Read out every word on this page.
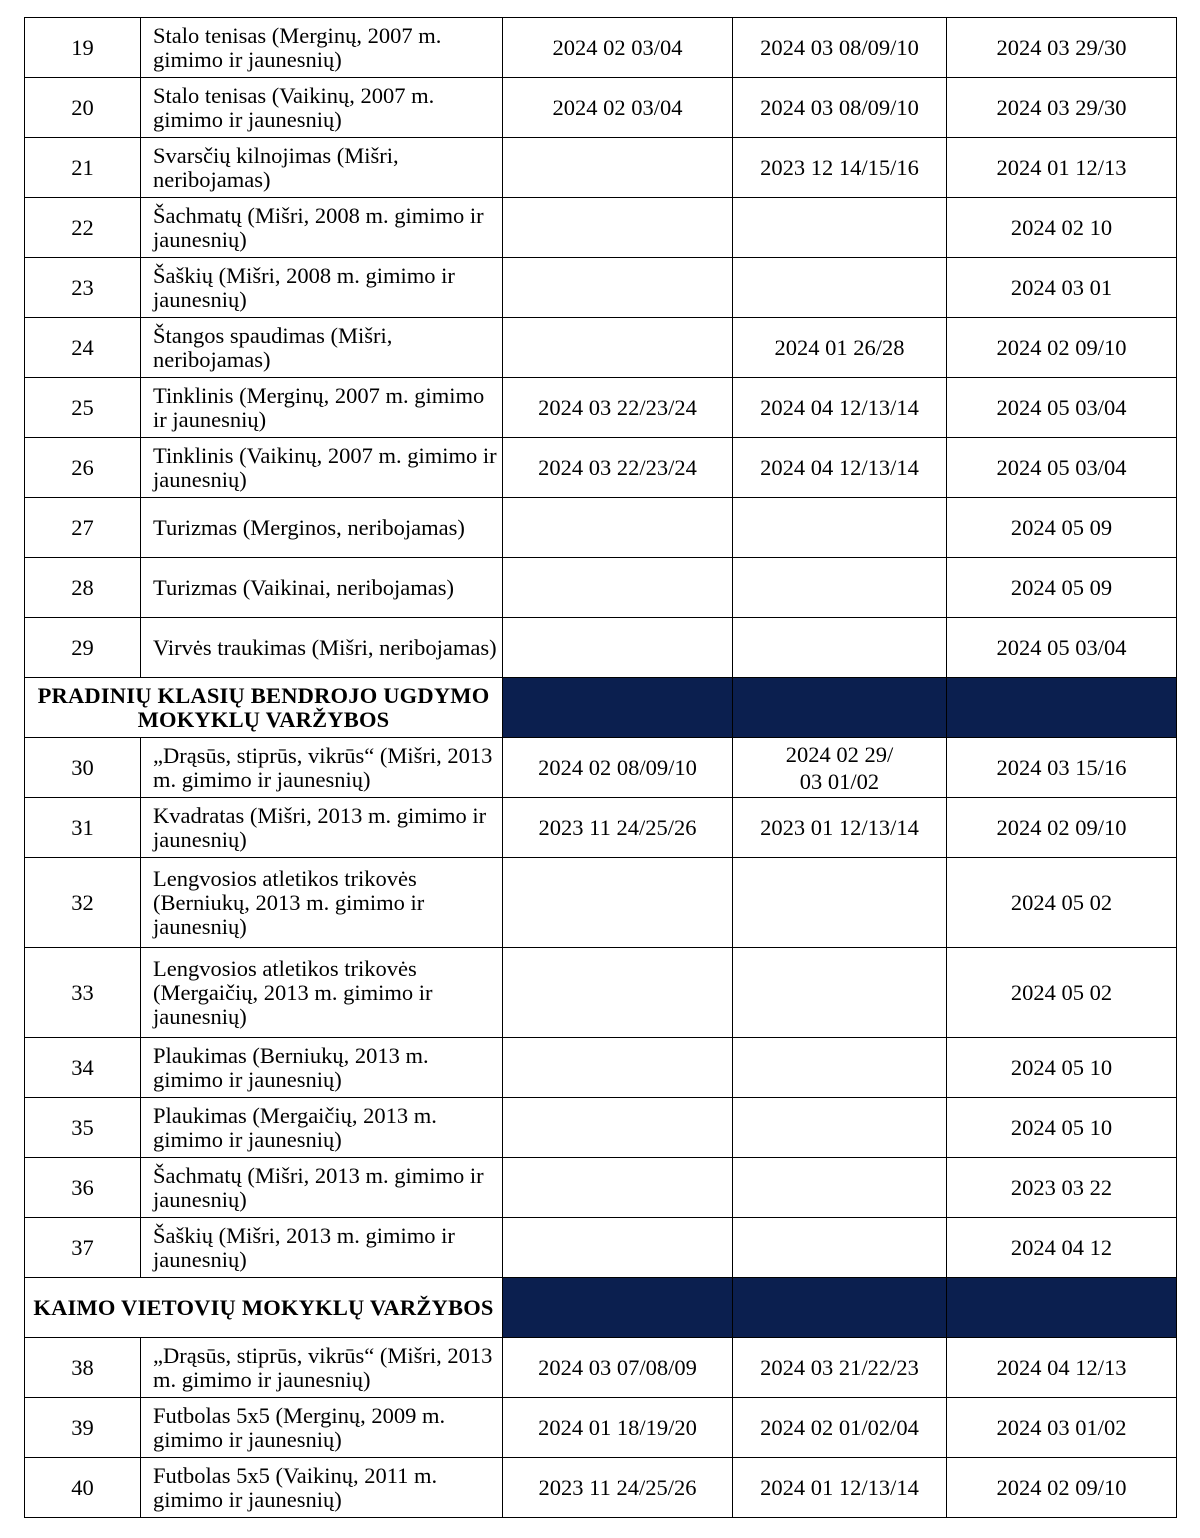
19	Stalo tenisas (Merginų, 2007 m. gimimo ir jaunesnių)	2024 02 03/04	2024 03 08/09/10	2024 03 29/30
20	Stalo tenisas (Vaikinų, 2007 m. gimimo ir jaunesnių)	2024 02 03/04	2024 03 08/09/10	2024 03 29/30
21	Svarsčių kilnojimas (Mišri, neribojamas)		2023 12 14/15/16	2024 01 12/13
22	Šachmatų (Mišri, 2008 m. gimimo ir jaunesnių)			2024 02 10
23	Šaškių (Mišri, 2008 m. gimimo ir jaunesnių)			2024 03 01
24	Štangos spaudimas (Mišri, neribojamas)		2024 01 26/28	2024 02 09/10
25	Tinklinis (Merginų, 2007 m. gimimo ir jaunesnių)	2024 03 22/23/24	2024 04 12/13/14	2024 05 03/04
26	Tinklinis (Vaikinų, 2007 m. gimimo ir jaunesnių)	2024 03 22/23/24	2024 04 12/13/14	2024 05 03/04
27	Turizmas (Merginos, neribojamas)			2024 05 09
28	Turizmas (Vaikinai, neribojamas)			2024 05 09
29	Virvės traukimas (Mišri, neribojamas)			2024 05 03/04
PRADINIŲ KLASIŲ BENDROJO UGDYMO MOKYKLŲ VARŽYBOS				
30	„Drąsūs, stiprūs, vikrūs“ (Mišri, 2013 m. gimimo ir jaunesnių)	2024 02 08/09/10	2024 02 29/
03 01/02	2024 03 15/16
31	Kvadratas (Mišri, 2013 m. gimimo ir jaunesnių)	2023 11 24/25/26	2023 01 12/13/14	2024 02 09/10
32	Lengvosios atletikos trikovės (Berniukų, 2013 m. gimimo ir jaunesnių)			2024 05 02
33	Lengvosios atletikos trikovės (Mergaičių, 2013 m. gimimo ir jaunesnių)			2024 05 02
34	Plaukimas (Berniukų, 2013 m. gimimo ir jaunesnių)			2024 05 10
35	Plaukimas (Mergaičių, 2013 m. gimimo ir jaunesnių)			2024 05 10
36	Šachmatų (Mišri, 2013 m. gimimo ir jaunesnių)			2023 03 22
37	Šaškių (Mišri, 2013 m. gimimo ir jaunesnių)			2024 04 12
KAIMO VIETOVIŲ MOKYKLŲ VARŽYBOS				
38	„Drąsūs, stiprūs, vikrūs“ (Mišri, 2013 m. gimimo ir jaunesnių)	2024 03 07/08/09	2024 03 21/22/23	2024 04 12/13
39	Futbolas 5x5 (Merginų, 2009 m. gimimo ir jaunesnių)	2024 01 18/19/20	2024 02 01/02/04	2024 03 01/02
40	Futbolas 5x5 (Vaikinų, 2011 m. gimimo ir jaunesnių)	2023 11 24/25/26	2024 01 12/13/14	2024 02 09/10
